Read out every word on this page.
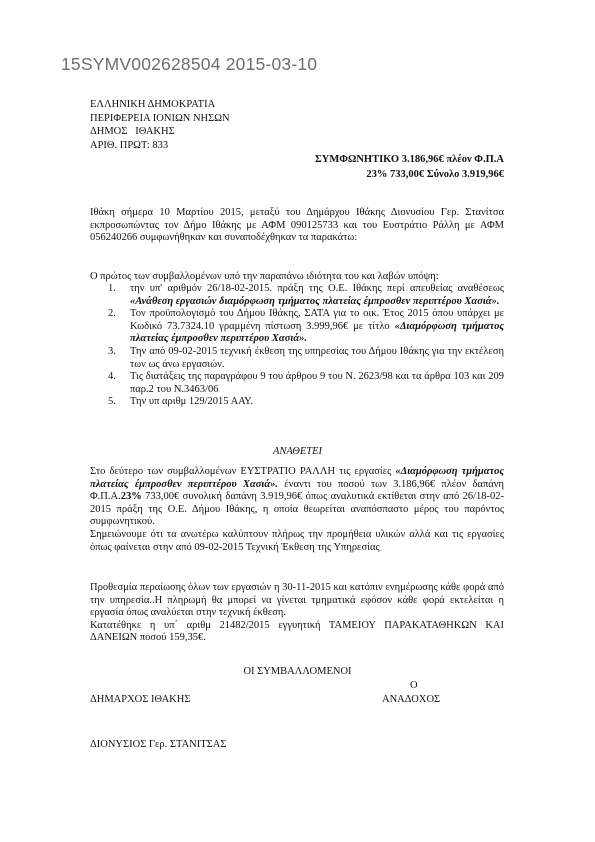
15SYMV002628504 2015-03-10
ΕΛΛΗΝΙΚΗ ΔΗΜΟΚΡΑΤΙΑ
ΠΕΡΙΦΕΡΕΙΑ ΙΟΝΙΩΝ ΝΗΣΩΝ
ΔΗΜΟΣ   ΙΘΑΚΗΣ
ΑΡΙΘ. ΠΡΩΤ: 833
ΣΥΜΦΩΝΗΤΙΚΟ 3.186,96€ πλέον Φ.Π.Α
23% 733,00€ Σύνολο 3.919,96€
Ιθάκη σήμερα 10 Μαρτίου 2015, μεταξύ του Δημάρχου Ιθάκης Διονυσίου Γερ. Στανίτσα εκπροσωπώντας τον Δήμο Ιθάκης με ΑΦΜ 090125733 και του Ευστράτιο Ράλλη με ΑΦΜ 056240266 συμφωνήθηκαν και συναποδέχθηκαν τα παρακάτω:
Ο πρώτος των συμβαλλομένων υπό την παραπάνω ιδιότητα του και λαβών υπόψη:
1.	την υπ' αριθμόν 26/18-02-2015. πράξη της Ο.Ε. Ιθάκης περί απευθείας αναθέσεως «Ανάθεση εργασιών διαμόρφωση τμήματος πλατείας έμπροσθεν περιπτέρου Χασιά».
2.	Τον προϋπολογισμό του Δήμου Ιθάκης, ΣΑΤΑ για το οικ. Έτος 2015 όπου υπάρχει με Κωδικό 73.7324.10 γραμμένη πίστωση 3.999,96€ με τίτλο «Διαμόρφωση τμήματος πλατείας έμπροσθεν περιπτέρου Χασιά».
3.	Την από 09-02-2015 τεχνική έκθεση της υπηρεσίας του Δήμου Ιθάκης για την εκτέλεση των ως άνω εργασιών.
4.	Τις διατάξεις της παραγράφου 9 του άρθρου 9 του Ν. 2623/98 και τα άρθρα 103 και 209 παρ.2 του Ν.3463/06
5.	Την υπ αριθμ 129/2015 ΑΑΥ.
ΑΝΑΘΕΤΕΙ
Στο δεύτερο των συμβαλλομένων ΕΥΣΤΡΑΤΙΟ ΡΑΛΛΗ τις εργασίες «Διαμόρφωση τμήματος πλατείας έμπροσθεν περιπτέρου Χασιά». έναντι του ποσού των 3.186,96€ πλέον δαπάνη Φ.Π.Α.23% 733,00€ συνολική δαπάνη 3.919,96€ όπως αναλυτικά εκτίθεται στην από 26/18-02-2015 πράξη της Ο.Ε. Δήμου Ιθάκης, η οποία θεωρείται αναπόσπαστο μέρος του παρόντος συμφωνητικού.
Σημειώνουμε ότι τα ανωτέρω καλύπτουν πλήρως την προμήθεια υλικών αλλά και τις εργασίες όπως φαίνεται στην από 09-02-2015 Τεχνική Έκθεση της Υπηρεσίας
Προθεσμία περαίωσης όλων των εργασιών η 30-11-2015 και κατόπιν ενημέρωσης κάθε φορά από την υπηρεσία..Η πληρωμή θα μπορεί να γίνεται τμηματικά εφόσον κάθε φορά εκτελείται η εργασία όπως αναλύεται στην τεχνική έκθεση.
Κατατέθηκε η υπ΄ αριθμ 21482/2015 εγγυητική ΤΑΜΕΙΟΥ ΠΑΡΑΚΑΤΑΘΗΚΩΝ ΚΑΙ ΔΑΝΕΙΩΝ ποσού 159,35€.
ΟΙ ΣΥΜΒΑΛΛΟΜΕΝΟΙ
Ο
ΔΗΜΑΡΧΟΣ ΙΘΑΚΗΣ	ΑΝΑΔΟΧΟΣ
ΔΙΟΝΥΣΙΟΣ Γερ. ΣΤΑΝΙΤΣΑΣ
